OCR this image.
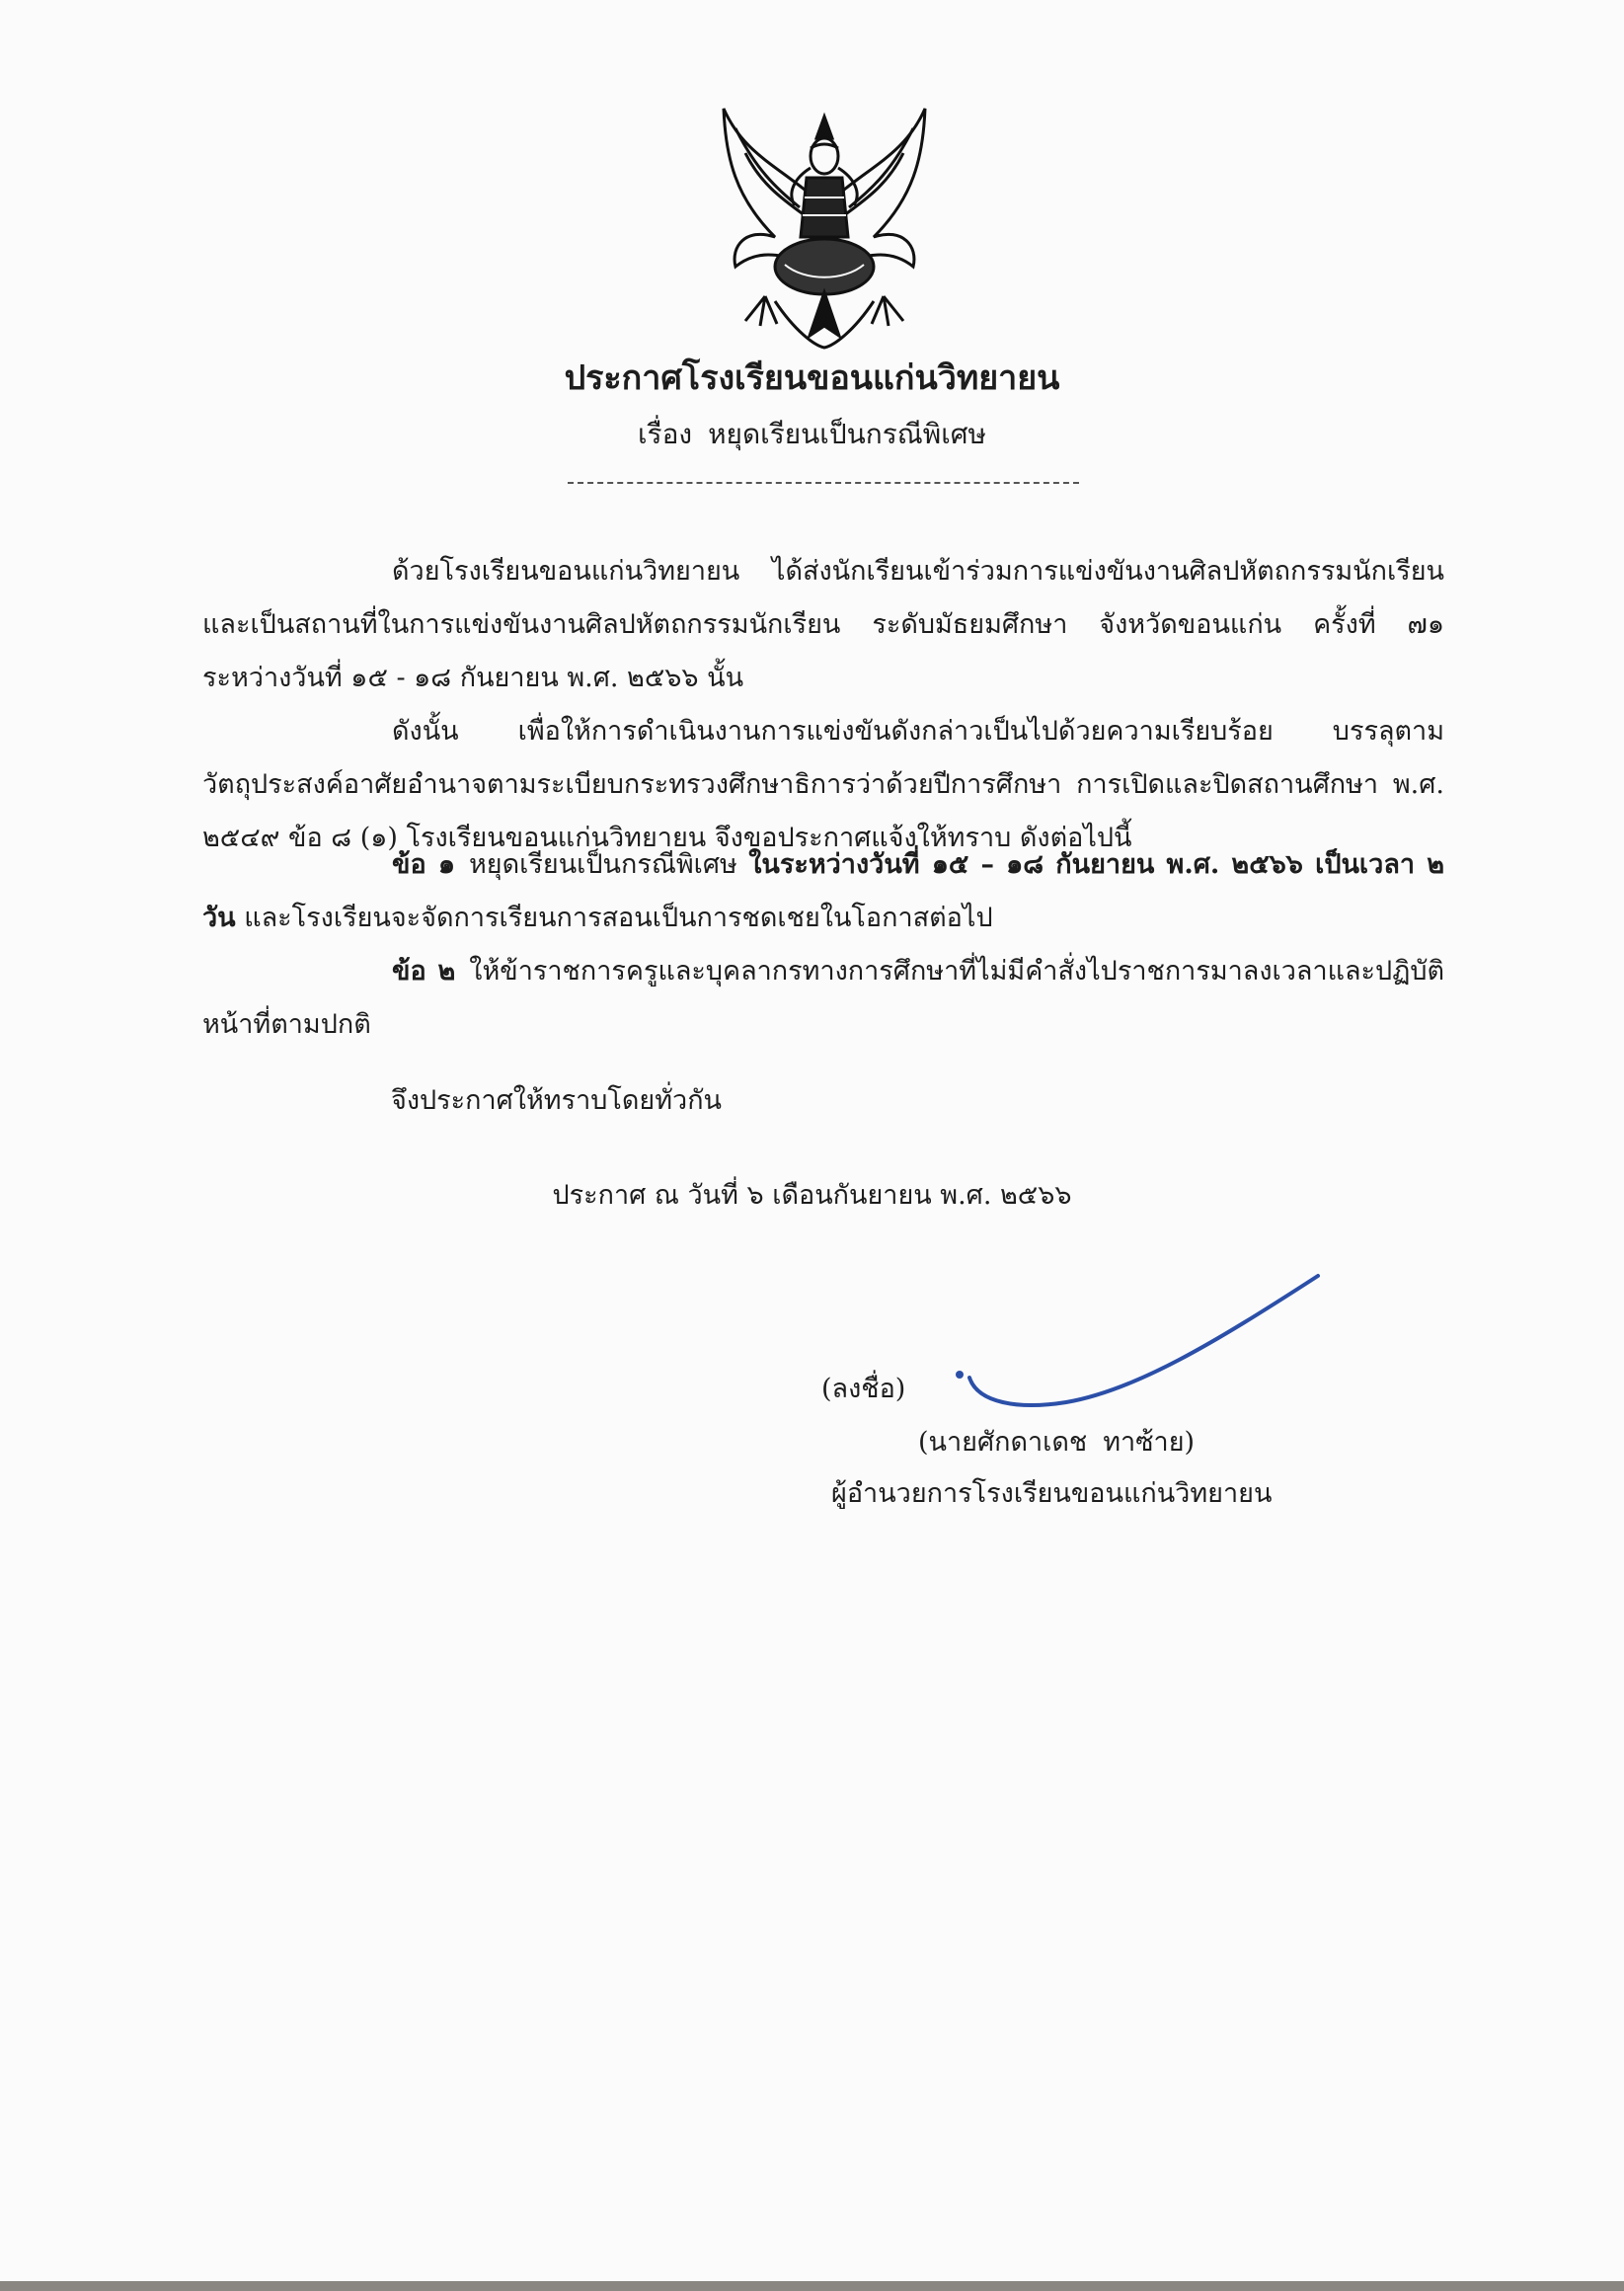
ประกาศโรงเรียนขอนแก่นวิทยายน
เรื่อง หยุดเรียนเป็นกรณีพิเศษ

ด้วยโรงเรียนขอนแก่นวิทยายน ได้ส่งนักเรียนเข้าร่วมการแข่งขันงานศิลปหัตถกรรมนักเรียน และเป็นสถานที่ในการแข่งขันงานศิลปหัตถกรรมนักเรียน ระดับมัธยมศึกษา จังหวัดขอนแก่น ครั้งที่ ๗๑ ระหว่างวันที่ ๑๕ - ๑๘ กันยายน พ.ศ. ๒๕๖๖ นั้น

ดังนั้น เพื่อให้การดำเนินงานการแข่งขันดังกล่าวเป็นไปด้วยความเรียบร้อย บรรลุตามวัตถุประสงค์อาศัยอำนาจตามระเบียบกระทรวงศึกษาธิการว่าด้วยปีการศึกษา การเปิดและปิดสถานศึกษา พ.ศ. ๒๕๔๙ ข้อ ๘ (๑) โรงเรียนขอนแก่นวิทยายน จึงขอประกาศแจ้งให้ทราบ ดังต่อไปนี้

ข้อ ๑ หยุดเรียนเป็นกรณีพิเศษ ในระหว่างวันที่ ๑๕ – ๑๘ กันยายน พ.ศ. ๒๕๖๖ เป็นเวลา ๒ วัน และโรงเรียนจะจัดการเรียนการสอนเป็นการชดเชยในโอกาสต่อไป

ข้อ ๒ ให้ข้าราชการครูและบุคลากรทางการศึกษาที่ไม่มีคำสั่งไปราชการมาลงเวลาและปฏิบัติหน้าที่ตามปกติ

จึงประกาศให้ทราบโดยทั่วกัน
ประกาศ ณ วันที่ ๖ เดือนกันยายน พ.ศ. ๒๕๖๖
(ลงชื่อ)
(นายศักดาเดช ทาซ้าย)
ผู้อำนวยการโรงเรียนขอนแก่นวิทยายน
